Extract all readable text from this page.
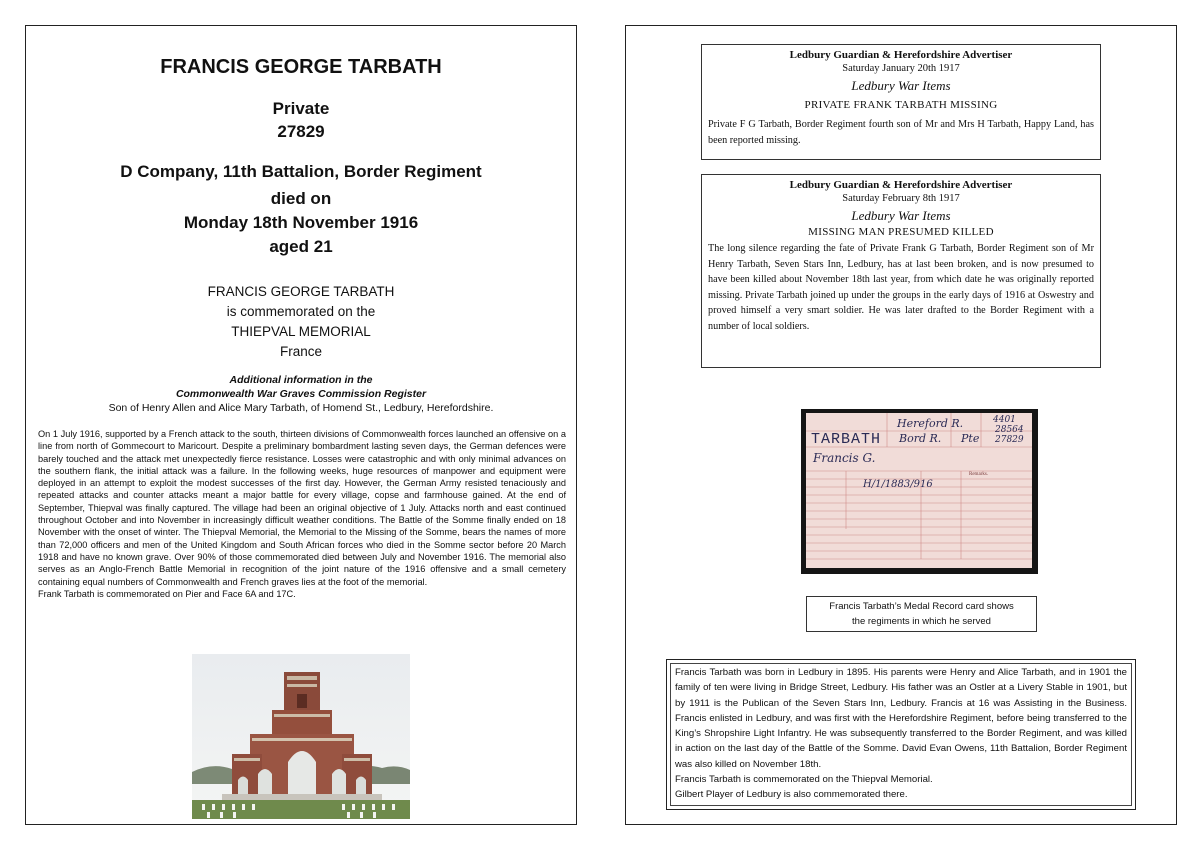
FRANCIS GEORGE TARBATH
Private
27829
D Company, 11th Battalion, Border Regiment
died on
Monday 18th November 1916
aged 21
FRANCIS GEORGE TARBATH
is commemorated on the
THIEPVAL MEMORIAL
France
Additional information in the
Commonwealth War Graves Commission Register
Son of Henry Allen and Alice Mary Tarbath, of Homend St., Ledbury, Herefordshire.
On 1 July 1916, supported by a French attack to the south, thirteen divisions of Commonwealth forces launched an offensive on a line from north of Gommecourt to Maricourt. Despite a preliminary bombardment lasting seven days, the German defences were barely touched and the attack met unexpectedly fierce resistance. Losses were catastrophic and with only minimal advances on the southern flank, the initial attack was a failure. In the following weeks, huge resources of manpower and equipment were deployed in an attempt to exploit the modest successes of the first day. However, the German Army resisted tenaciously and repeated attacks and counter attacks meant a major battle for every village, copse and farmhouse gained. At the end of September, Thiepval was finally captured. The village had been an original objective of 1 July. Attacks north and east continued throughout October and into November in increasingly difficult weather conditions. The Battle of the Somme finally ended on 18 November with the onset of winter. The Thiepval Memorial, the Memorial to the Missing of the Somme, bears the names of more than 72,000 officers and men of the United Kingdom and South African forces who died in the Somme sector before 20 March 1918 and have no known grave. Over 90% of those commemorated died between July and November 1916. The memorial also serves as an Anglo-French Battle Memorial in recognition of the joint nature of the 1916 offensive and a small cemetery containing equal numbers of Commonwealth and French graves lies at the foot of the memorial.
Frank Tarbath is commemorated on Pier and Face 6A and 17C.
Ledbury Guardian & Herefordshire Advertiser
Saturday January 20th 1917
Ledbury War Items
PRIVATE FRANK TARBATH MISSING
Private F G Tarbath, Border Regiment fourth son of Mr and Mrs H Tarbath, Happy Land, has been reported missing.
Ledbury Guardian & Herefordshire Advertiser
Saturday February 8th 1917
Ledbury War Items
MISSING MAN PRESUMED KILLED
The long silence regarding the fate of Private Frank G Tarbath, Border Regiment son of Mr Henry Tarbath, Seven Stars Inn, Ledbury, has at last been broken, and is now presumed to have been killed about November 18th last year, from which date he was originally reported missing. Private Tarbath joined up under the groups in the early days of 1916 at Oswestry and proved himself a very smart soldier. He was later drafted to the Border Regiment with a number of local soldiers.
TARBATH
Francis G.
Hereford R.
Bord R. Pte
4401
28564
27829
H/1/1883/916
Remarks.
Francis Tarbath’s Medal Record card shows
the regiments in which he served
Francis Tarbath was born in Ledbury in 1895. His parents were Henry and Alice Tarbath, and in 1901 the family of ten were living in Bridge Street, Ledbury. His father was an Ostler at a Livery Stable in 1901, but by 1911 is the Publican of the Seven Stars Inn, Ledbury. Francis at 16 was Assisting in the Business. Francis enlisted in Ledbury, and was first with the Herefordshire Regiment, before being transferred to the King’s Shropshire Light Infantry. He was subsequently transferred to the Border Regiment, and was killed in action on the last day of the Battle of the Somme. David Evan Owens, 11th Battalion, Border Regiment was also killed on November 18th.
Francis Tarbath is commemorated on the Thiepval Memorial.
Gilbert Player of Ledbury is also commemorated there.
